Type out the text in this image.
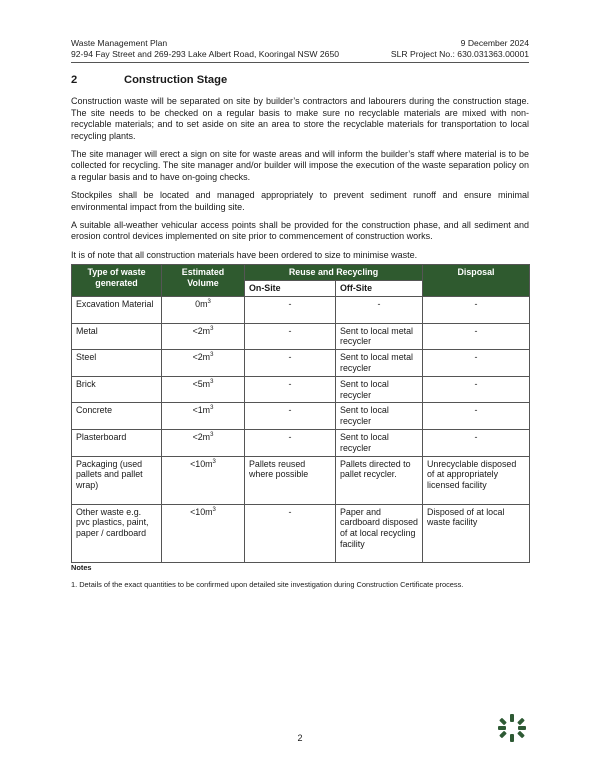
Waste Management Plan	9 December 2024
92-94 Fay Street and 269-293 Lake Albert Road, Kooringal NSW 2650	SLR Project No.: 630.031363.00001
2	Construction Stage

Construction waste will be separated on site by builder’s contractors and labourers during the construction stage. The site needs to be checked on a regular basis to make sure no recyclable materials are mixed with non-recyclable materials; and to set aside on site an area to store the recyclable materials for transportation to local recycling plants.

The site manager will erect a sign on site for waste areas and will inform the builder’s staff where material is to be collected for recycling. The site manager and/or builder will impose the execution of the waste separation policy on a regular basis and to have on-going checks.

Stockpiles shall be located and managed appropriately to prevent sediment runoff and ensure minimal environmental impact from the building site.

A suitable all-weather vehicular access points shall be provided for the construction phase, and all sediment and erosion control devices implemented on site prior to commencement of construction works.

It is of note that all construction materials have been ordered to size to minimise waste.

Type of waste generated	Estimated Volume	Reuse and Recycling		Disposal
		On-Site	Off-Site	
Excavation Material	$0m^3$	-	-	-
Metal	$<2m^3$	-	Sent to local metal recycler	-
Steel	$<2m^3$	-	Sent to local metal recycler	-
Brick	$<5m^3$	-	Sent to local recycler	-
Concrete	$<1m^3$	-	Sent to local recycler	-
Plasterboard	$<2m^3$	-	Sent to local recycler	-
Packaging (used pallets and pallet wrap)	$<10m^3$	Pallets reused where possible	Pallets directed to pallet recycler.	Unrecyclable disposed of at appropriately licensed facility
Other waste e.g. pvc plastics, paint, paper / cardboard	$<10m^3$	-	Paper and cardboard disposed of at local recycling facility	Disposed of at local waste facility
Notes
1. Details of the exact quantities to be confirmed upon detailed site investigation during Construction Certificate process.
2
